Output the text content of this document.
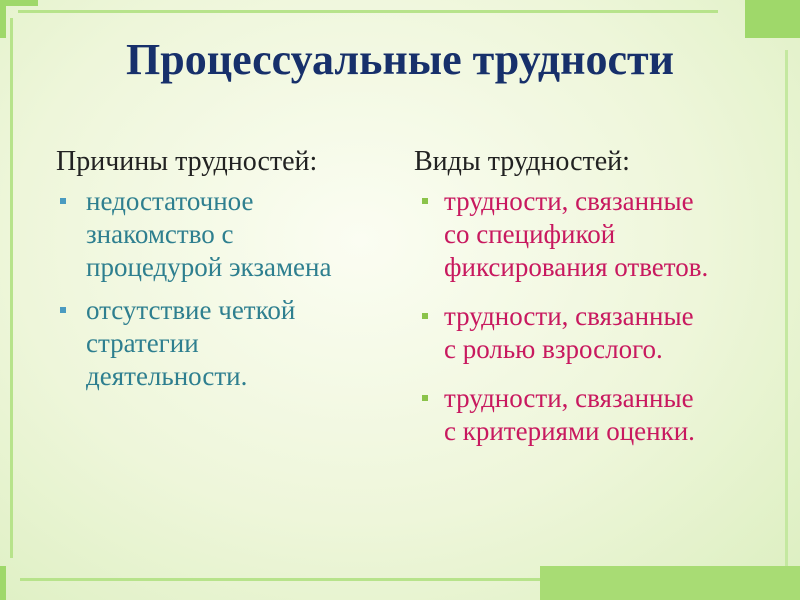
Процессуальные трудности
Причины трудностей:
недостаточное
знакомство с
процедурой экзамена
отсутствие четкой
стратегии
деятельности.
Виды трудностей:
трудности, связанные
со спецификой
фиксирования ответов.
трудности, связанные
с ролью взрослого.
трудности, связанные
с критериями оценки.
